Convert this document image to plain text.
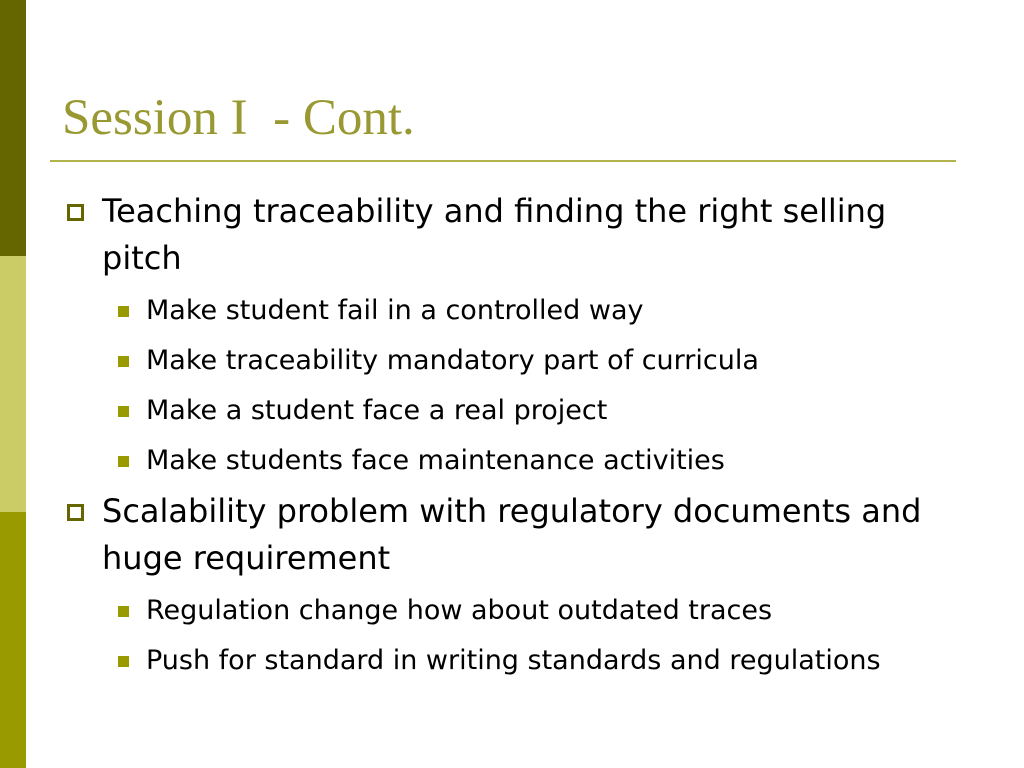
Session I  - Cont.
Teaching traceability and finding the right selling pitch
Make student fail in a controlled way
Make traceability mandatory part of curricula
Make a student face a real project
Make students face maintenance activities
Scalability problem with regulatory documents and huge requirement
Regulation change how about outdated traces
Push for standard in writing standards and regulations
